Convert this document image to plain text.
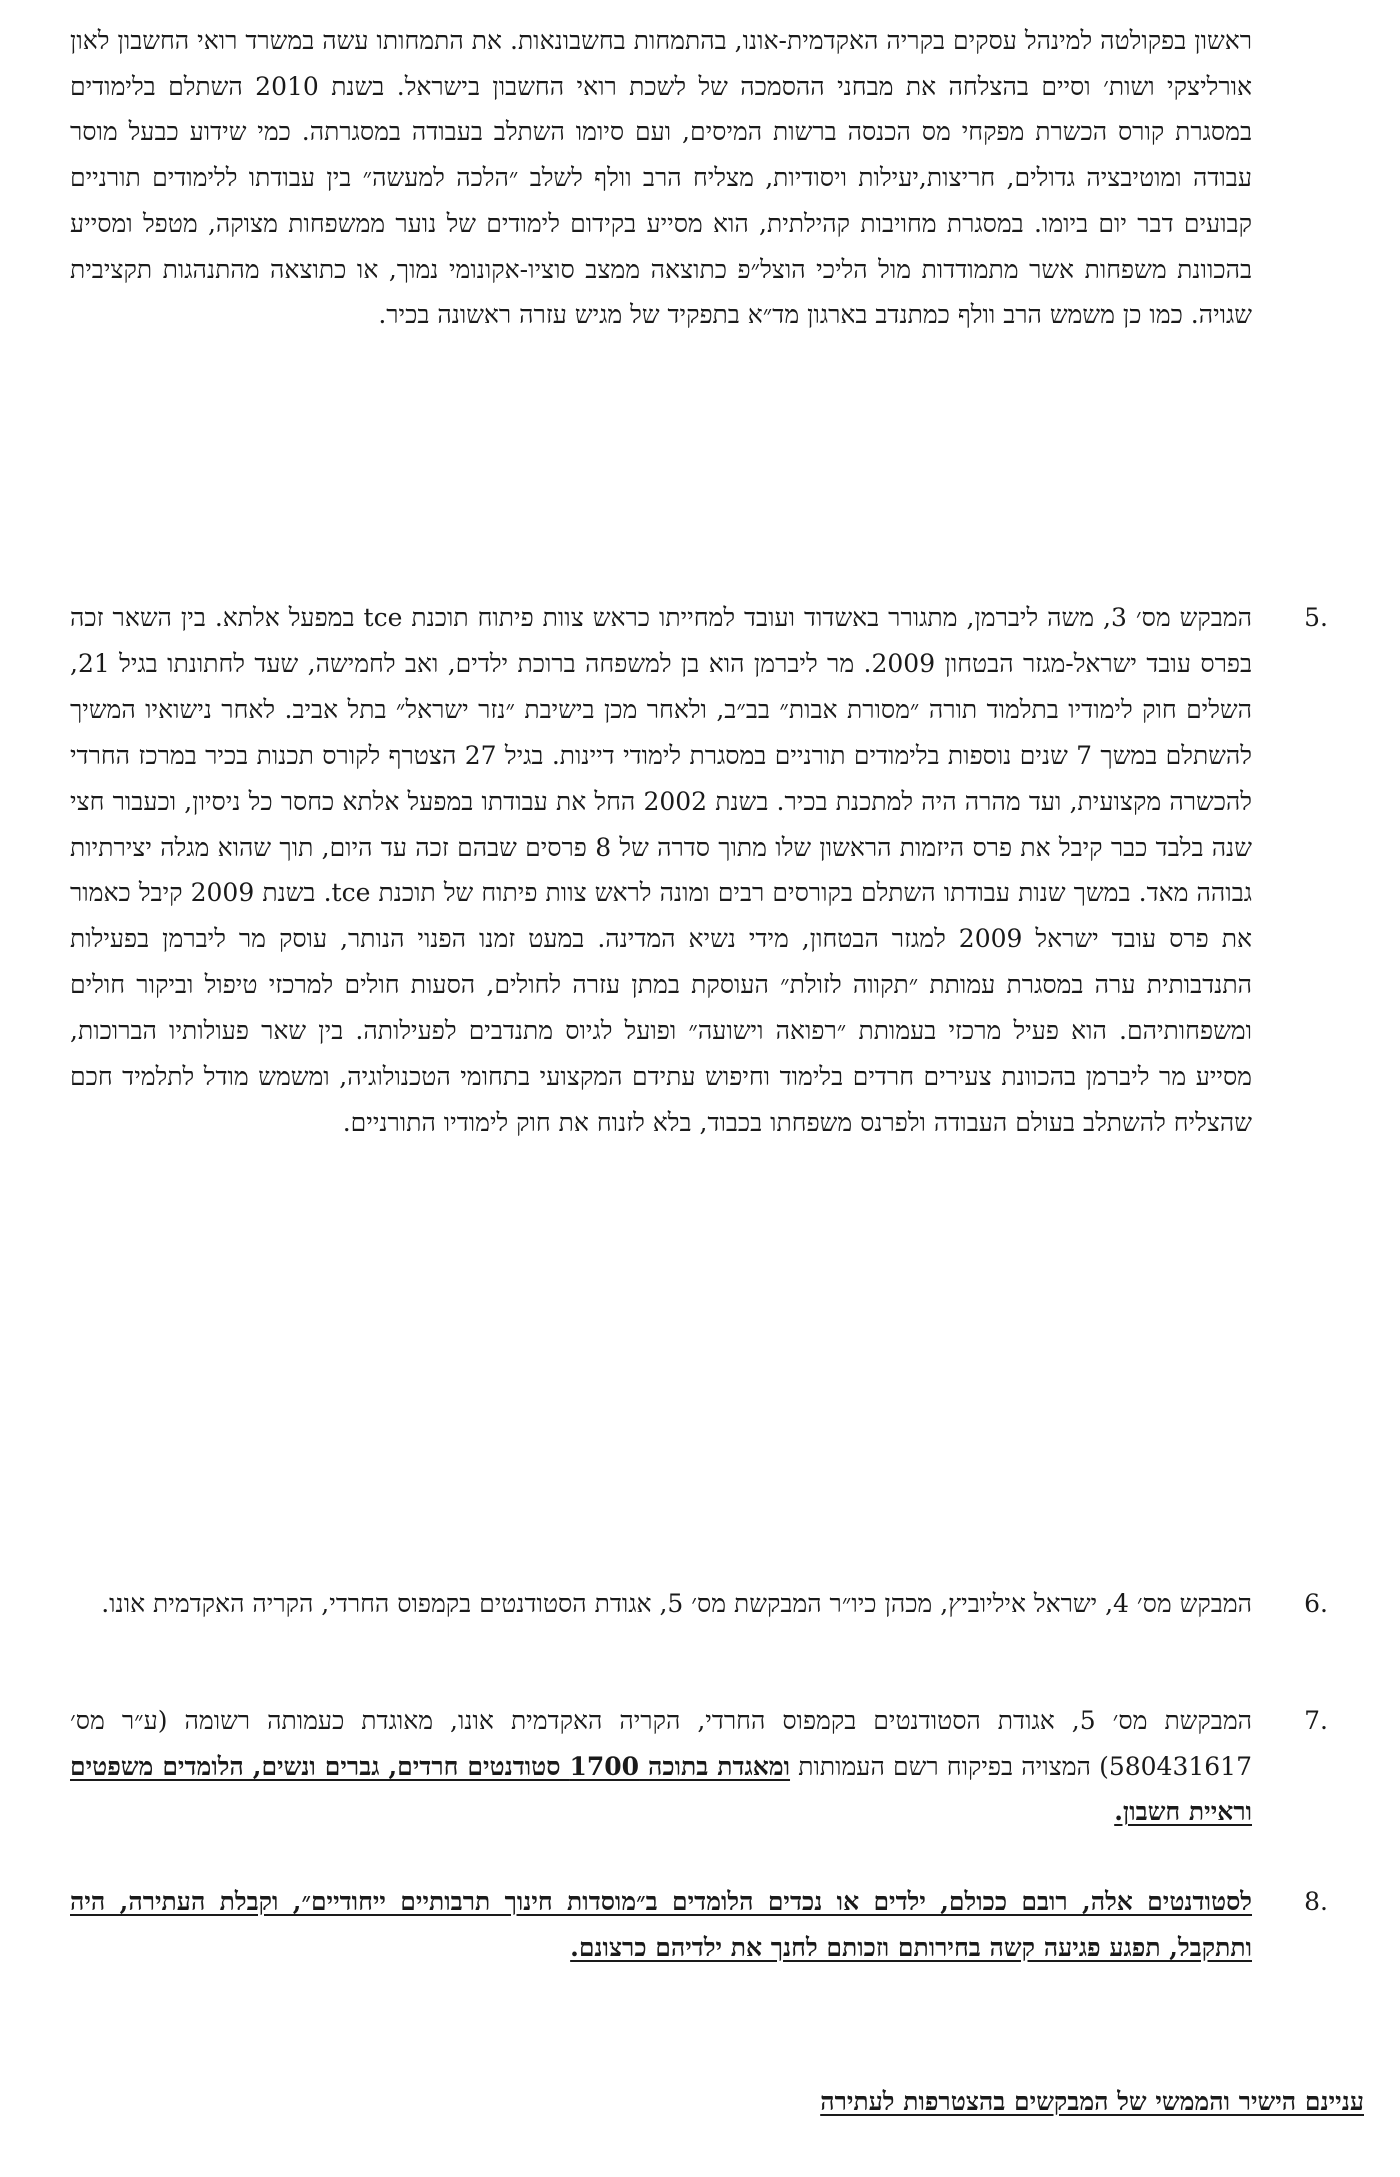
ראשון בפקולטה למינהל עסקים בקריה האקדמית-אונו, בהתמחות בחשבונאות. את התמחותו עשה במשרד רואי החשבון לאון אורליצקי ושות׳ וסיים בהצלחה את מבחני ההסמכה של לשכת רואי החשבון בישראל. בשנת 2010 השתלם בלימודים במסגרת קורס הכשרת מפקחי מס הכנסה ברשות המיסים, ועם סיומו השתלב בעבודה במסגרתה. כמי שידוע כבעל מוסר עבודה ומוטיבציה גדולים, חריצות,יעילות ויסודיות, מצליח הרב וולף לשלב ״הלכה למעשה״ בין עבודתו ללימודים תורניים קבועים דבר יום ביומו. במסגרת מחויבות קהילתית, הוא מסייע בקידום לימודים של נוער ממשפחות מצוקה, מטפל ומסייע בהכוונת משפחות אשר מתמודדות מול הליכי הוצל״פ כתוצאה ממצב סוציו-אקונומי נמוך, או כתוצאה מהתנהגות תקציבית שגויה. כמו כן משמש הרב וולף כמתנדב בארגון מד״א בתפקיד של מגיש עזרה ראשונה בכיר.

5.

המבקש מס׳ 3, משה ליברמן, מתגורר באשדוד ועובד למחייתו כראש צוות פיתוח תוכנת tce במפעל אלתא. בין השאר זכה בפרס עובד ישראל-מגזר הבטחון 2009. מר ליברמן הוא בן למשפחה ברוכת ילדים, ואב לחמישה, שעד לחתונתו בגיל 21, השלים חוק לימודיו בתלמוד תורה ״מסורת אבות״ בב״ב, ולאחר מכן בישיבת ״נזר ישראל״ בתל אביב. לאחר נישואיו המשיך להשתלם במשך 7 שנים נוספות בלימודים תורניים במסגרת לימודי דיינות. בגיל 27 הצטרף לקורס תכנות בכיר במרכז החרדי להכשרה מקצועית, ועד מהרה היה למתכנת בכיר. בשנת 2002 החל את עבודתו במפעל אלתא כחסר כל ניסיון, וכעבור חצי שנה בלבד כבר קיבל את פרס היזמות הראשון שלו מתוך סדרה של 8 פרסים שבהם זכה עד היום, תוך שהוא מגלה יצירתיות גבוהה מאד. במשך שנות עבודתו השתלם בקורסים רבים ומונה לראש צוות פיתוח של תוכנת tce. בשנת 2009 קיבל כאמור את פרס עובד ישראל 2009 למגזר הבטחון, מידי נשיא המדינה. במעט זמנו הפנוי הנותר, עוסק מר ליברמן בפעילות התנדבותית ערה במסגרת עמותת ״תקווה לזולת״ העוסקת במתן עזרה לחולים, הסעות חולים למרכזי טיפול וביקור חולים ומשפחותיהם. הוא פעיל מרכזי בעמותת ״רפואה וישועה״ ופועל לגיוס מתנדבים לפעילותה. בין שאר פעולותיו הברוכות, מסייע מר ליברמן בהכוונת צעירים חרדים בלימוד וחיפוש עתידם המקצועי בתחומי הטכנולוגיה, ומשמש מודל לתלמיד חכם שהצליח להשתלב בעולם העבודה ולפרנס משפחתו בכבוד, בלא לזנוח את חוק לימודיו התורניים.

6.

המבקש מס׳ 4, ישראל איליוביץ, מכהן כיו״ר המבקשת מס׳ 5, אגודת הסטודנטים בקמפוס החרדי, הקריה האקדמית אונו.

7.

המבקשת מס׳ 5, אגודת הסטודנטים בקמפוס החרדי, הקריה האקדמית אונו, מאוגדת כעמותה רשומה (ע״ר מס׳ 580431617) המצויה בפיקוח רשם העמותות ומאגדת בתוכה 1700 סטודנטים חרדים, גברים ונשים, הלומדים משפטים וראיית חשבון.

8.

לסטודנטים אלה, רובם ככולם, ילדים או נכדים הלומדים ב״מוסדות חינוך תרבותיים ייחודיים״, וקבלת העתירה, היה ותתקבל, תפגע פגיעה קשה בחירותם וזכותם לחנך את ילדיהם כרצונם.

עניינם הישיר והממשי של המבקשים בהצטרפות לעתירה
